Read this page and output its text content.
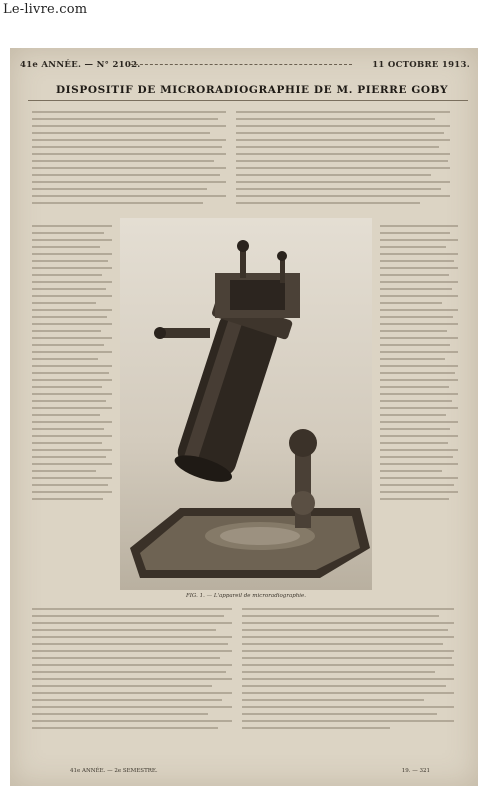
Le-livre.com
41e ANNÉE. — N° 2102.	11 OCTOBRE 1913.
DISPOSITIF DE MICRORADIOGRAPHIE DE M. PIERRE GOBY
FIG. 1. — L'appareil de microradiographie.
41e ANNÉE. — 2e SEMESTRE.	19. — 321
